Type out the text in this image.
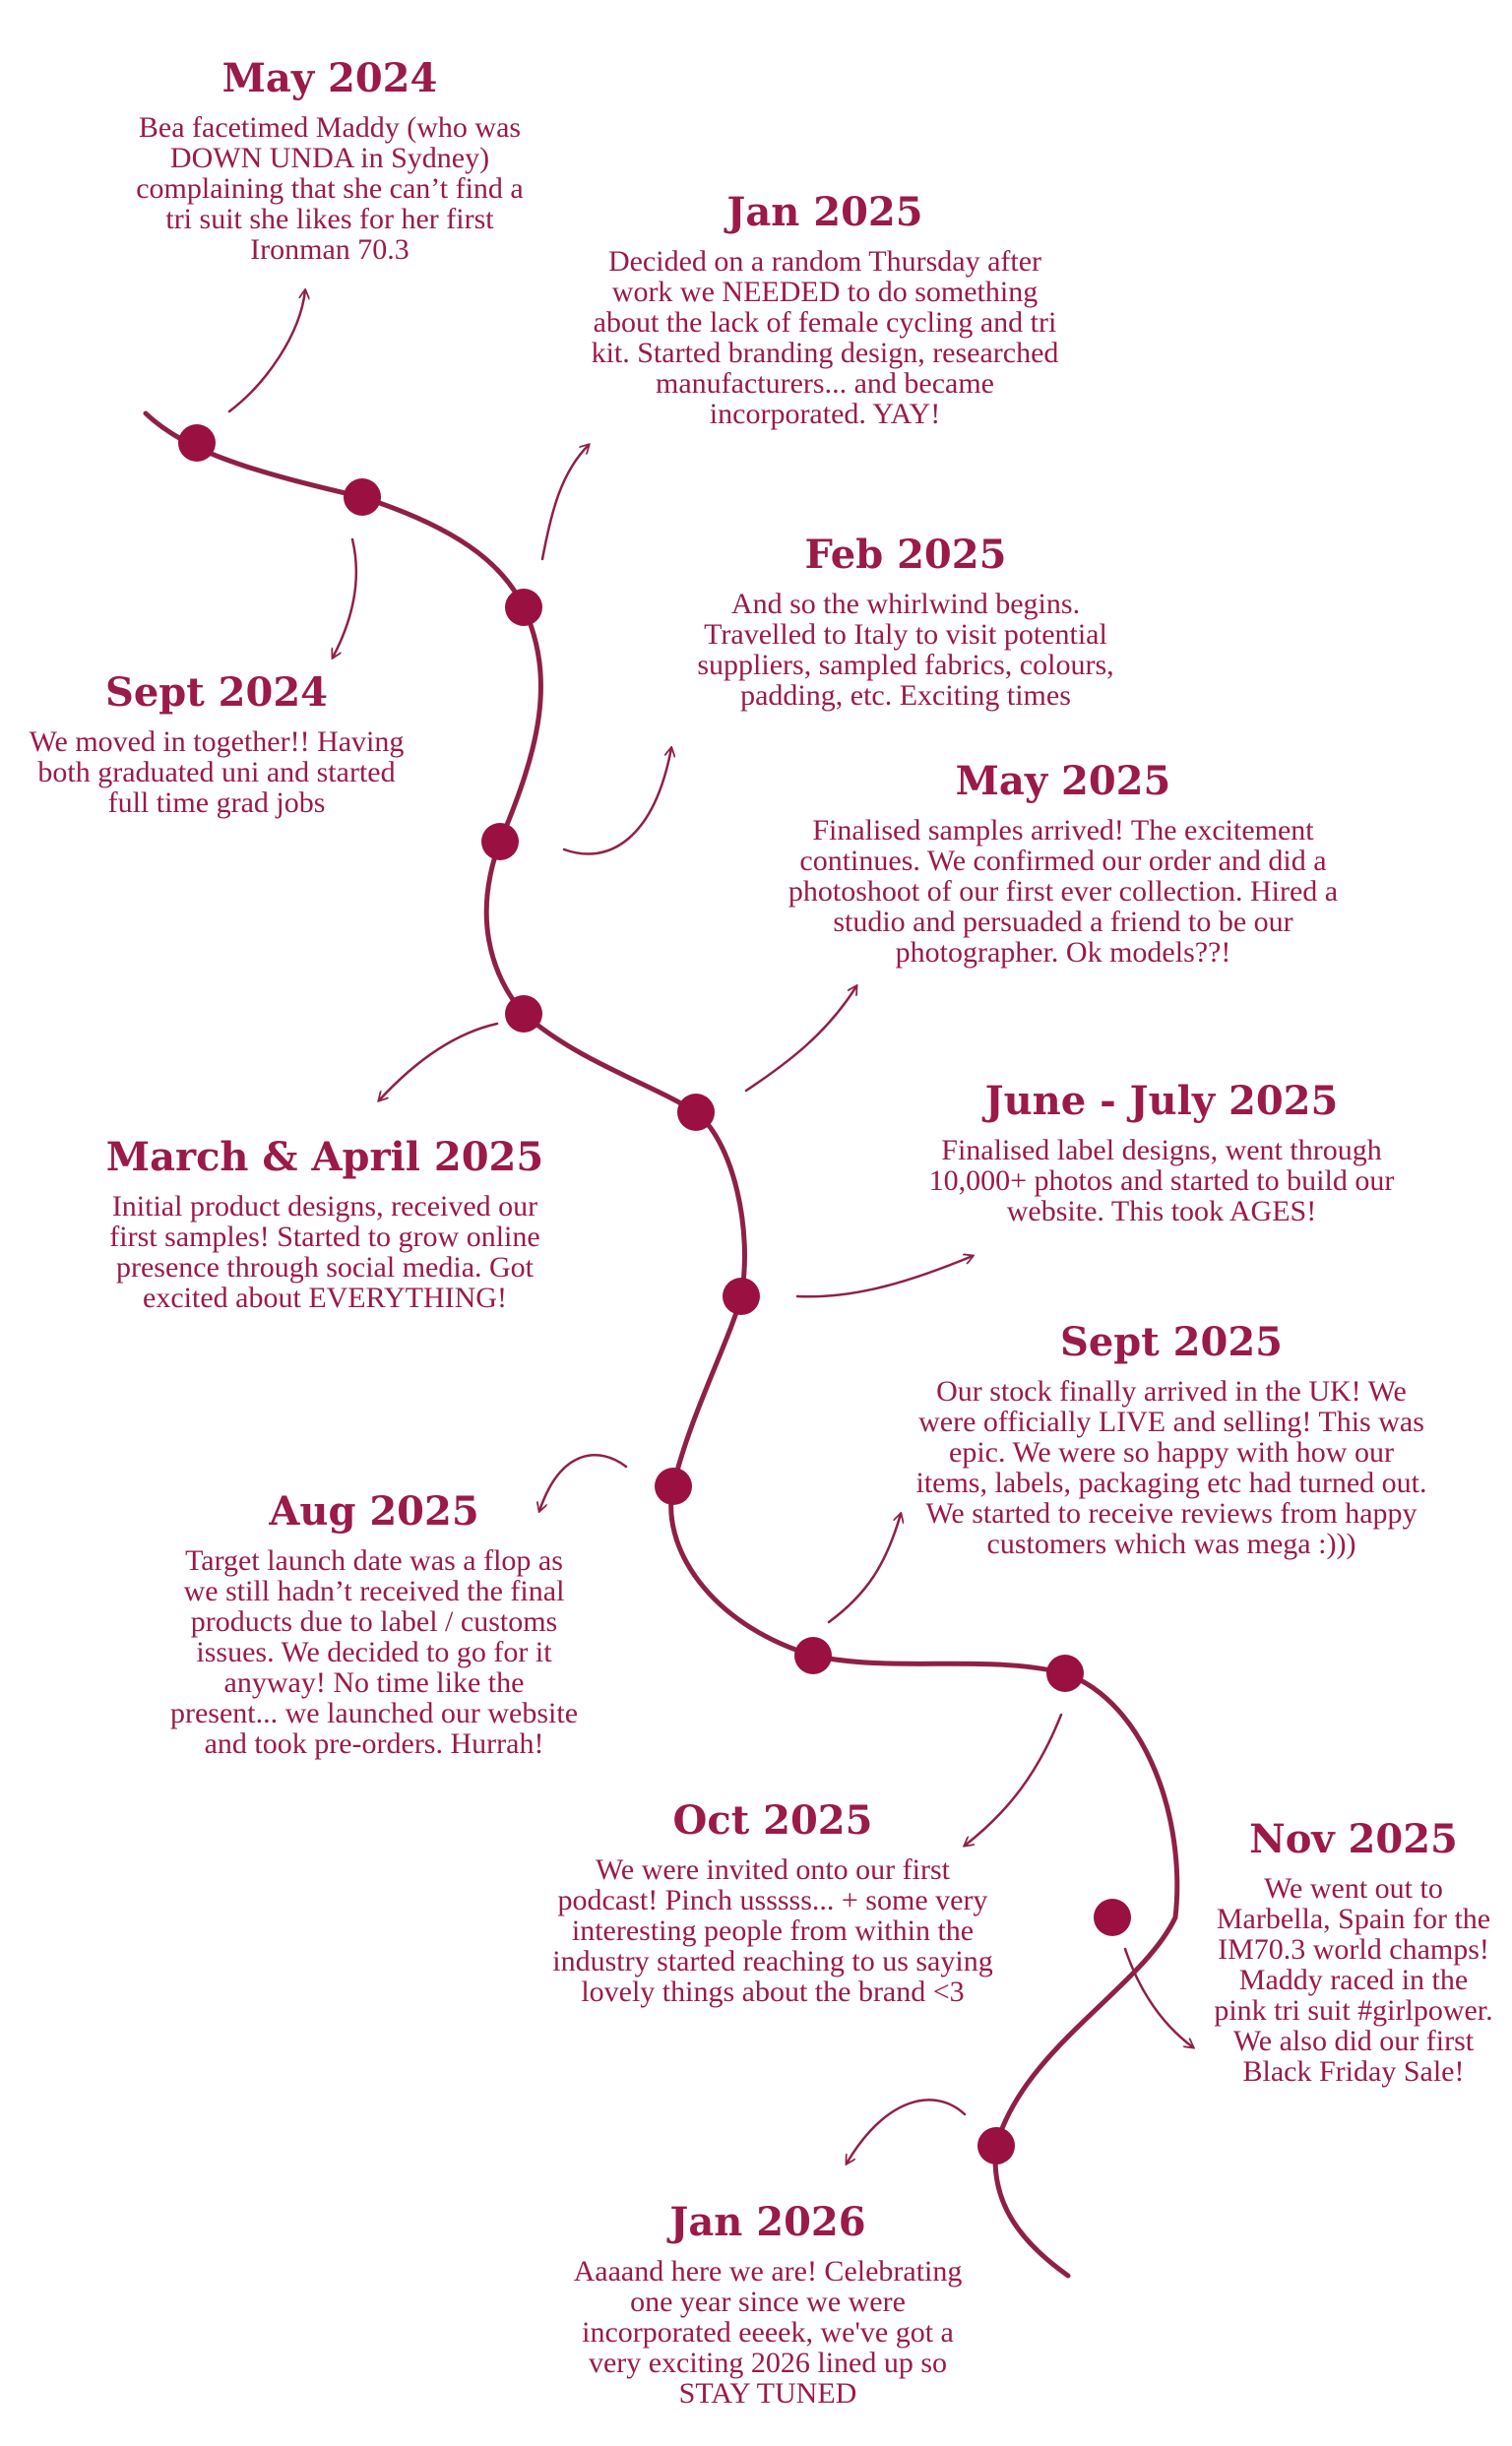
May 2024
Bea facetimed Maddy (who was DOWN UNDA in Sydney) complaining that she can’t find a tri suit she likes for her first Ironman 70.3
Jan 2025
Decided on a random Thursday after work we NEEDED to do something about the lack of female cycling and tri kit. Started branding design, researched manufacturers... and became incorporated. YAY!
Feb 2025
And so the whirlwind begins. Travelled to Italy to visit potential suppliers, sampled fabrics, colours, padding, etc. Exciting times
Sept 2024
We moved in together!! Having both graduated uni and started full time grad jobs	May 2025
Finalised samples arrived! The excitement continues. We confirmed our order and did a photoshoot of our first ever collection. Hired a studio and persuaded a friend to be our photographer. Ok models??!
June - July 2025
Finalised label designs, went through 10,000+ photos and started to build our website. This took AGES!
March & April 2025
Initial product designs, received our first samples! Started to grow online presence through social media. Got excited about EVERYTHING!
Sept 2025
Our stock finally arrived in the UK! We were officially LIVE and selling! This was epic. We were so happy with how our items, labels, packaging etc had turned out. We started to receive reviews from happy customers which was mega :)))
Aug 2025
Target launch date was a flop as we still hadn’t received the final products due to label / customs issues. We decided to go for it anyway! No time like the present... we launched our website and took pre-orders. Hurrah!
Oct 2025
We were invited onto our first podcast! Pinch usssss... + some very interesting people from within the industry started reaching to us saying lovely things about the brand <3
Nov 2025
We went out to Marbella, Spain for the IM70.3 world champs! Maddy raced in the pink tri suit #girlpower. We also did our first Black Friday Sale!
Jan 2026
Aaaand here we are! Celebrating one year since we were incorporated eeeek, we've got a very exciting 2026 lined up so STAY TUNED
